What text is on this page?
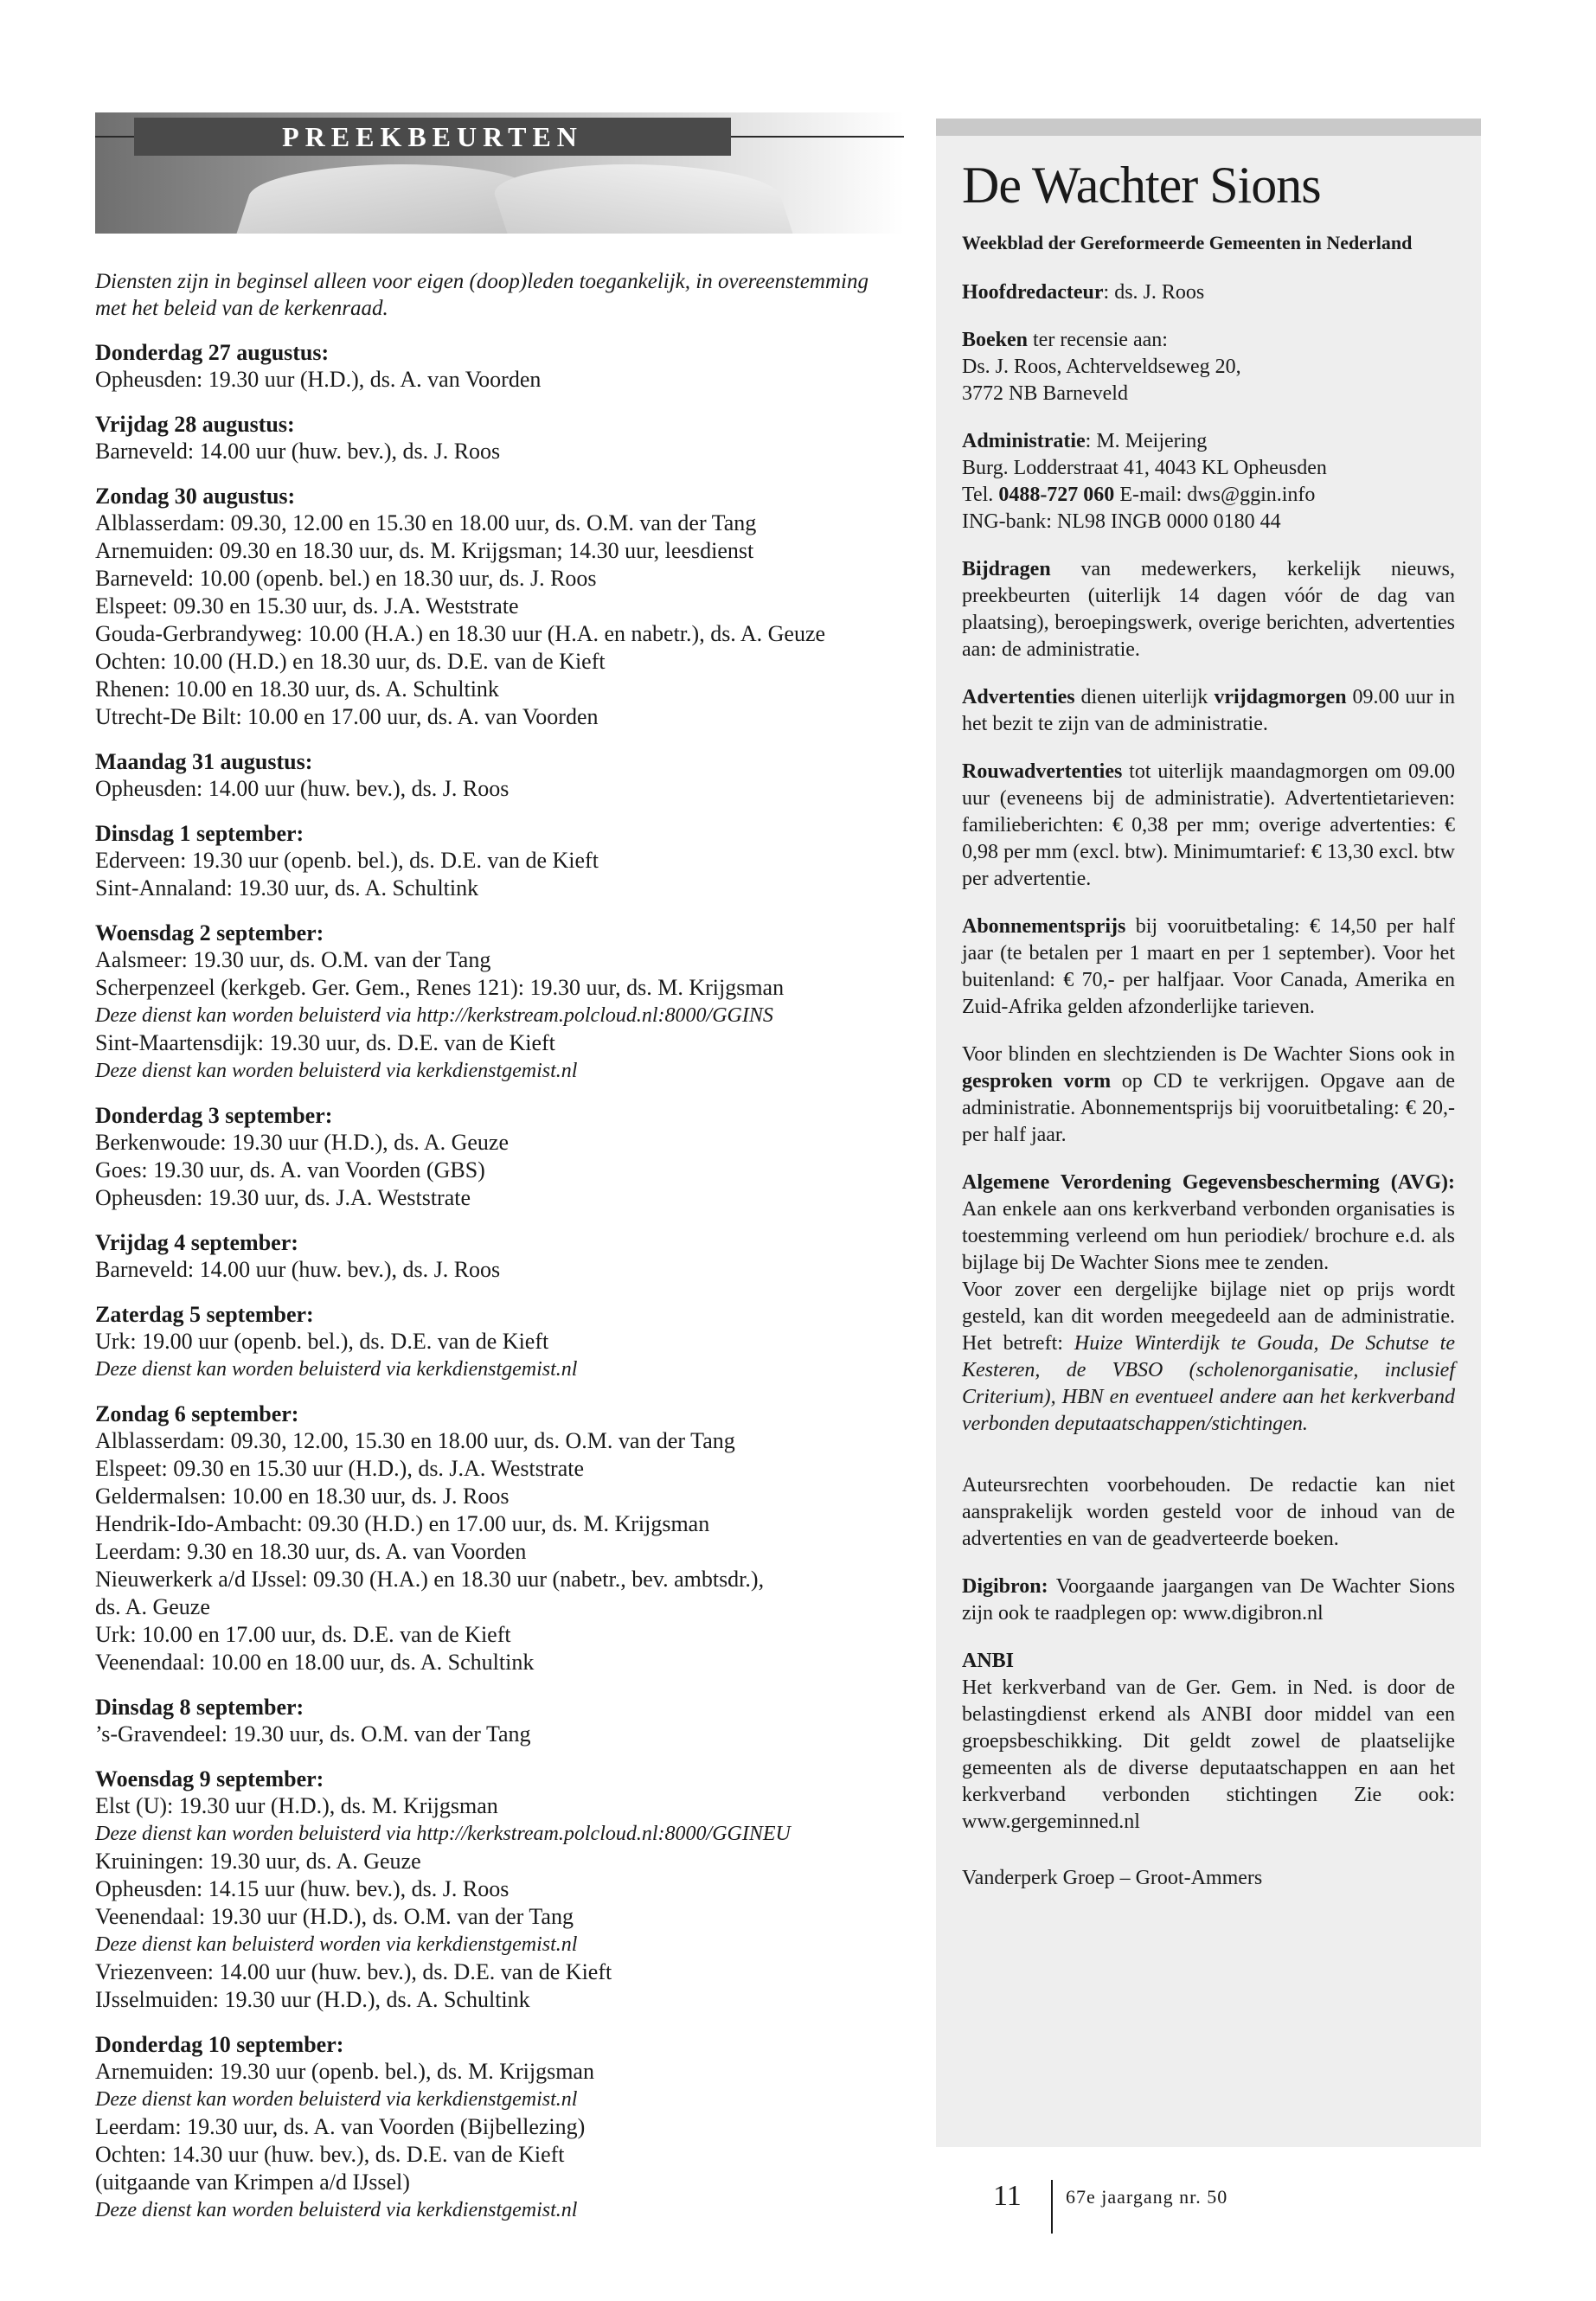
PREEKBEURTEN

Diensten zijn in beginsel alleen voor eigen (doop)leden toegankelijk, in overeenstemming met het beleid van de kerkenraad.

Donderdag 27 augustus:
Opheusden: 19.30 uur (H.D.), ds. A. van Voorden
Vrijdag 28 augustus:
Barneveld: 14.00 uur (huw. bev.), ds. J. Roos
Zondag 30 augustus:
Alblasserdam: 09.30, 12.00 en 15.30 en 18.00 uur, ds. O.M. van der Tang
Arnemuiden: 09.30 en 18.30 uur, ds. M. Krijgsman; 14.30 uur, leesdienst
Barneveld: 10.00 (openb. bel.) en 18.30 uur, ds. J. Roos
Elspeet: 09.30 en 15.30 uur, ds. J.A. Weststrate
Gouda-Gerbrandyweg: 10.00 (H.A.) en 18.30 uur (H.A. en nabetr.), ds. A. Geuze
Ochten: 10.00 (H.D.) en 18.30 uur, ds. D.E. van de Kieft
Rhenen: 10.00 en 18.30 uur, ds. A. Schultink
Utrecht-De Bilt: 10.00 en 17.00 uur, ds. A. van Voorden
Maandag 31 augustus:
Opheusden: 14.00 uur (huw. bev.), ds. J. Roos
Dinsdag 1 september:
Ederveen: 19.30 uur (openb. bel.), ds. D.E. van de Kieft
Sint-Annaland: 19.30 uur, ds. A. Schultink
Woensdag 2 september:
Aalsmeer: 19.30 uur, ds. O.M. van der Tang
Scherpenzeel (kerkgeb. Ger. Gem., Renes 121): 19.30 uur, ds. M. Krijgsman
Deze dienst kan worden beluisterd via http://kerkstream.polcloud.nl:8000/GGINS
Sint-Maartensdijk: 19.30 uur, ds. D.E. van de Kieft
Deze dienst kan worden beluisterd via kerkdienstgemist.nl
Donderdag 3 september:
Berkenwoude: 19.30 uur (H.D.), ds. A. Geuze
Goes: 19.30 uur, ds. A. van Voorden (GBS)
Opheusden: 19.30 uur, ds. J.A. Weststrate
Vrijdag 4 september:
Barneveld: 14.00 uur (huw. bev.), ds. J. Roos
Zaterdag 5 september:
Urk: 19.00 uur (openb. bel.), ds. D.E. van de Kieft
Deze dienst kan worden beluisterd via kerkdienstgemist.nl
Zondag 6 september:
Alblasserdam: 09.30, 12.00, 15.30 en 18.00 uur, ds. O.M. van der Tang
Elspeet: 09.30 en 15.30 uur (H.D.), ds. J.A. Weststrate
Geldermalsen: 10.00 en 18.30 uur, ds. J. Roos
Hendrik-Ido-Ambacht: 09.30 (H.D.) en 17.00 uur, ds. M. Krijgsman
Leerdam: 9.30 en 18.30 uur, ds. A. van Voorden
Nieuwerkerk a/d IJssel: 09.30 (H.A.) en 18.30 uur (nabetr., bev. ambtsdr.),
ds. A. Geuze
Urk: 10.00 en 17.00 uur, ds. D.E. van de Kieft
Veenendaal: 10.00 en 18.00 uur, ds. A. Schultink
Dinsdag 8 september:
’s-Gravendeel: 19.30 uur, ds. O.M. van der Tang
Woensdag 9 september:
Elst (U): 19.30 uur (H.D.), ds. M. Krijgsman
Deze dienst kan worden beluisterd via http://kerkstream.polcloud.nl:8000/GGINEU
Kruiningen: 19.30 uur, ds. A. Geuze
Opheusden: 14.15 uur (huw. bev.), ds. J. Roos
Veenendaal: 19.30 uur (H.D.), ds. O.M. van der Tang
Deze dienst kan beluisterd worden via kerkdienstgemist.nl
Vriezenveen: 14.00 uur (huw. bev.), ds. D.E. van de Kieft
IJsselmuiden: 19.30 uur (H.D.), ds. A. Schultink
Donderdag 10 september:
Arnemuiden: 19.30 uur (openb. bel.), ds. M. Krijgsman
Deze dienst kan worden beluisterd via kerkdienstgemist.nl
Leerdam: 19.30 uur, ds. A. van Voorden (Bijbellezing)
Ochten: 14.30 uur (huw. bev.), ds. D.E. van de Kieft
(uitgaande van Krimpen a/d IJssel)
Deze dienst kan worden beluisterd via kerkdienstgemist.nl
De Wachter Sions
Weekblad der Gereformeerde Gemeenten in Nederland
Hoofdredacteur: ds. J. Roos
Boeken ter recensie aan:
Ds. J. Roos, Achterveldseweg 20,
3772 NB Barneveld
Administratie: M. Meijering
Burg. Lodderstraat 41, 4043 KL Opheusden
Tel. 0488-727 060 E-mail: dws@ggin.info
ING-bank: NL98 INGB 0000 0180 44
Bijdragen van medewerkers, kerkelijk nieuws, preekbeurten (uiterlijk 14 dagen vóór de dag van plaatsing), beroepingswerk, overige berichten, advertenties aan: de administratie.
Advertenties dienen uiterlijk vrijdagmorgen 09.00 uur in het bezit te zijn van de administratie.
Rouwadvertenties tot uiterlijk maandagmorgen om 09.00 uur (eveneens bij de administratie). Advertentietarieven: familieberichten: € 0,38 per mm; overige advertenties: € 0,98 per mm (excl. btw). Minimumtarief: € 13,30 excl. btw per advertentie.
Abonnementsprijs bij vooruitbetaling: € 14,50 per half jaar (te betalen per 1 maart en per 1 september). Voor het buitenland: € 70,- per halfjaar. Voor Canada, Amerika en Zuid-Afrika gelden afzonderlijke tarieven.
Voor blinden en slechtzienden is De Wachter Sions ook in gesproken vorm op CD te verkrijgen. Opgave aan de administratie. Abonnementsprijs bij vooruitbetaling: € 20,- per half jaar.
Algemene Verordening Gegevensbescherming (AVG): Aan enkele aan ons kerkverband verbonden organisaties is toestemming verleend om hun periodiek/ brochure e.d. als bijlage bij De Wachter Sions mee te zenden.
Voor zover een dergelijke bijlage niet op prijs wordt gesteld, kan dit worden meegedeeld aan de administratie. Het betreft: Huize Winterdijk te Gouda, De Schutse te Kesteren, de VBSO (scholenorganisatie, inclusief Criterium), HBN en eventueel andere aan het kerkverband verbonden deputaatschappen/stichtingen.
Auteursrechten voorbehouden. De redactie kan niet aansprakelijk worden gesteld voor de inhoud van de advertenties en van de geadverteerde boeken.
Digibron: Voorgaande jaargangen van De Wachter Sions zijn ook te raadplegen op: www.digibron.nl
ANBI
Het kerkverband van de Ger. Gem. in Ned. is door de belastingdienst erkend als ANBI door middel van een groepsbeschikking. Dit geldt zowel de plaatselijke gemeenten als de diverse deputaatschappen en aan het kerkverband verbonden stichtingen Zie ook: www.gergeminned.nl
Vanderperk Groep – Groot-Ammers
11 67e jaargang nr. 50
